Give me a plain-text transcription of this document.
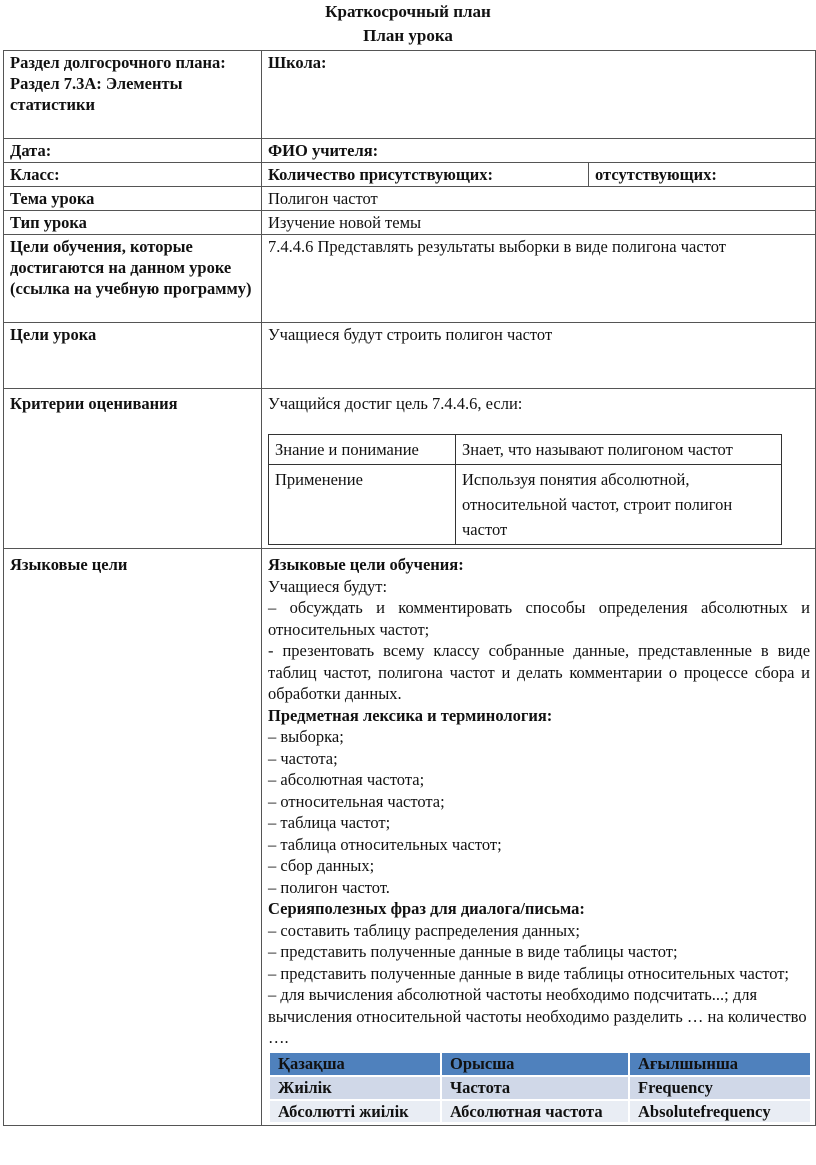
Краткосрочный план
План урока
Раздел долгосрочного плана:
Раздел 7.3А: Элементы статистики
	Школа:
Дата:	ФИО учителя:
Класс:	Количество присутствующих:	отсутствующих:
Тема урока	Полигон частот
Тип урока	Изучение новой темы
Цели обучения, которые достигаются на данном уроке (ссылка на учебную программу)	7.4.4.6 Представлять результаты выборки в виде полигона частот
Цели урока	Учащиеся будут строить полигон частот
Критерии оценивания	Учащийся достиг цель 7.4.4.6, если:
Знание и понимание	Знает, что называют полигоном частот
Применение	Используя понятия абсолютной, относительной частот, строит полигон частот

Языковые цели	Языковые цели обучения:

Учащиеся будут:

– обсуждать и комментировать способы определения абсолютных и относительных частот;

- презентовать всему классу собранные данные, представленные в виде таблиц частот, полигона частот и делать комментарии о процессе сбора и обработки данных.

Предметная лексика и терминология:

– выборка;

– частота;

– абсолютная частота;

– относительная частота;

– таблица частот;

– таблица относительных частот;

– сбор данных;

– полигон частот.

Серияполезных фраз для диалога/письма:

– составить таблицу распределения данных;

– представить полученные данные в виде таблицы частот;

– представить полученные данные в виде таблицы относительных частот;

– для вычисления абсолютной частоты необходимо подсчитать...; для вычисления относительной частоты необходимо разделить … на количество ….

Қазақша	Орысша	Ағылшынша
Жиілік	Частота	Frequency
Абсолютті жиілік	Абсолютная частота	Absolutefrequency
